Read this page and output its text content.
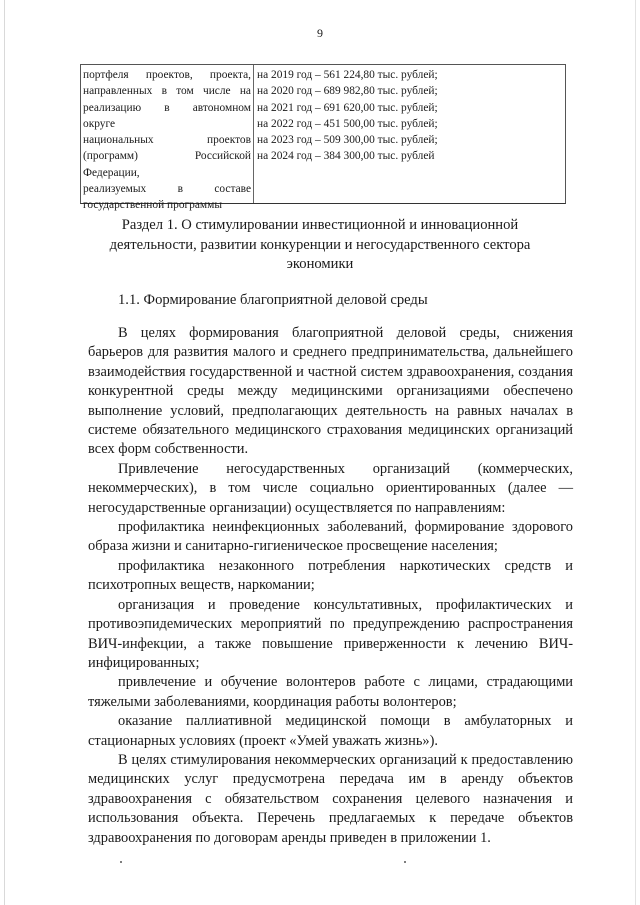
9
портфеля проектов, проекта,
направленных в том числе на
реализацию в автономном
округе
национальных проектов
(программ) Российской
Федерации,
реализуемых в составе
государственной программы
на 2019 год – 561 224,80 тыс. рублей;
на 2020 год – 689 982,80 тыс. рублей;
на 2021 год – 691 620,00 тыс. рублей;
на 2022 год – 451 500,00 тыс. рублей;
на 2023 год – 509 300,00 тыс. рублей;
на 2024 год – 384 300,00 тыс. рублей
Раздел 1. О стимулировании инвестиционной и инновационной деятельности, развитии конкуренции и негосударственного сектора экономики
1.1. Формирование благоприятной деловой среды

В целях формирования благоприятной деловой среды, снижения барьеров для развития малого и среднего предпринимательства, дальнейшего взаимодействия государственной и частной систем здравоохранения, создания конкурентной среды между медицинскими организациями обеспечено выполнение условий, предполагающих деятельность на равных началах в системе обязательного медицинского страхования медицинских организаций всех форм собственности.

Привлечение негосударственных организаций (коммерческих, некоммерческих), в том числе социально ориентированных (далее — негосударственные организации) осуществляется по направлениям:

профилактика неинфекционных заболеваний, формирование здорового образа жизни и санитарно-гигиеническое просвещение населения;

профилактика незаконного потребления наркотических средств и психотропных веществ, наркомании;

организация и проведение консультативных, профилактических и противоэпидемических мероприятий по предупреждению распространения ВИЧ-инфекции, а также повышение приверженности к лечению ВИЧ-инфицированных;

привлечение и обучение волонтеров работе с лицами, страдающими тяжелыми заболеваниями, координация работы волонтеров;

оказание паллиативной медицинской помощи в амбулаторных и стационарных условиях (проект «Умей уважать жизнь»).

В целях стимулирования некоммерческих организаций к предоставлению медицинских услуг предусмотрена передача им в аренду объектов здравоохранения с обязательством сохранения целевого назначения и использования объекта. Перечень предлагаемых к передаче объектов здравоохранения по договорам аренды приведен в приложении 1.
